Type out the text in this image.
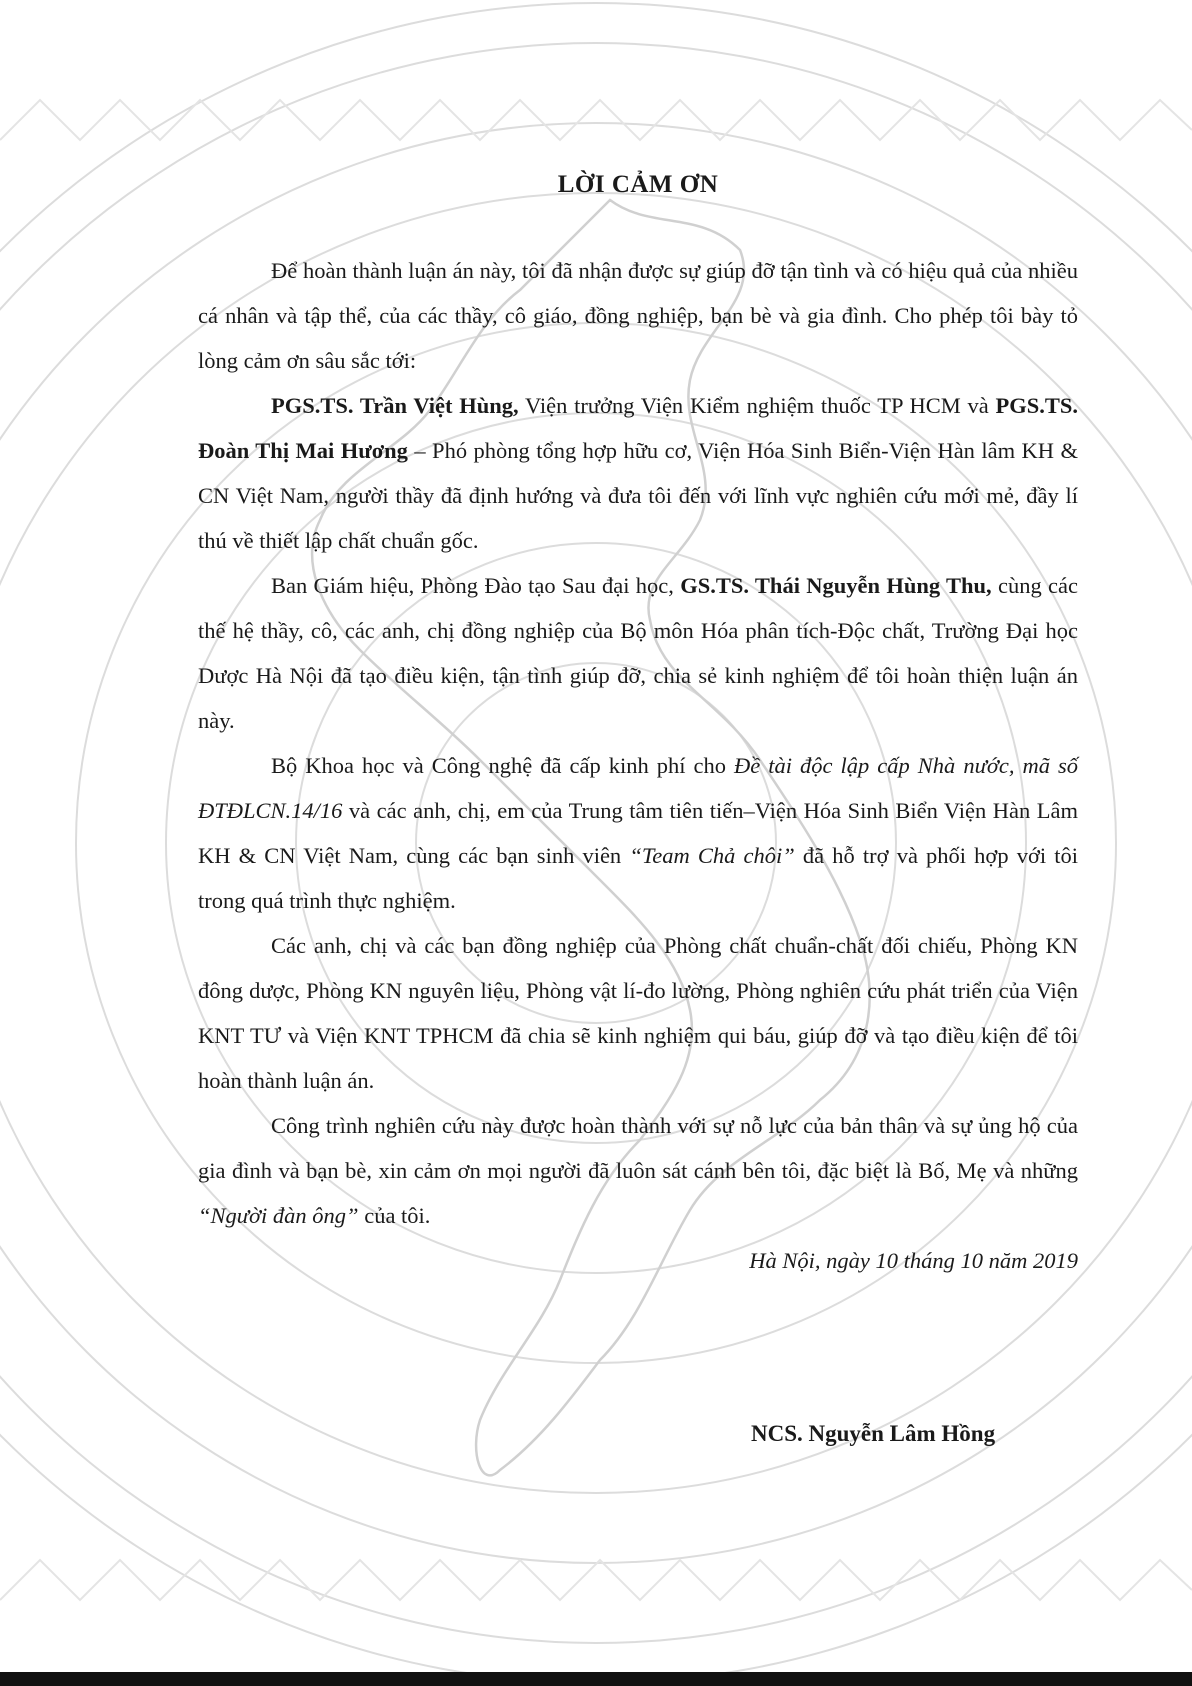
LỜI CẢM ƠN

Để hoàn thành luận án này, tôi đã nhận được sự giúp đỡ tận tình và có hiệu quả của nhiều cá nhân và tập thể, của các thầy, cô giáo, đồng nghiệp, bạn bè và gia đình. Cho phép tôi bày tỏ lòng cảm ơn sâu sắc tới:

PGS.TS. Trần Việt Hùng, Viện trưởng Viện Kiểm nghiệm thuốc TP HCM và PGS.TS. Đoàn Thị Mai Hương – Phó phòng tổng hợp hữu cơ, Viện Hóa Sinh Biển-Viện Hàn lâm KH & CN Việt Nam, người thầy đã định hướng và đưa tôi đến với lĩnh vực nghiên cứu mới mẻ, đầy lí thú về thiết lập chất chuẩn gốc.

Ban Giám hiệu, Phòng Đào tạo Sau đại học, GS.TS. Thái Nguyễn Hùng Thu, cùng các thế hệ thầy, cô, các anh, chị đồng nghiệp của Bộ môn Hóa phân tích-Độc chất, Trường Đại học Dược Hà Nội đã tạo điều kiện, tận tình giúp đỡ, chia sẻ kinh nghiệm để tôi hoàn thiện luận án này.

Bộ Khoa học và Công nghệ đã cấp kinh phí cho Đề tài độc lập cấp Nhà nước, mã số ĐTĐLCN.14/16 và các anh, chị, em của Trung tâm tiên tiến–Viện Hóa Sinh Biển Viện Hàn Lâm KH & CN Việt Nam, cùng các bạn sinh viên “Team Chả chôi” đã hỗ trợ và phối hợp với tôi trong quá trình thực nghiệm.

Các anh, chị và các bạn đồng nghiệp của Phòng chất chuẩn-chất đối chiếu, Phòng KN đông dược, Phòng KN nguyên liệu, Phòng vật lí-đo lường, Phòng nghiên cứu phát triển của Viện KNT TƯ và Viện KNT TPHCM đã chia sẽ kinh nghiệm qui báu, giúp đỡ và tạo điều kiện để tôi hoàn thành luận án.

Công trình nghiên cứu này được hoàn thành với sự nỗ lực của bản thân và sự ủng hộ của gia đình và bạn bè, xin cảm ơn mọi người đã luôn sát cánh bên tôi, đặc biệt là Bố, Mẹ và những “Người đàn ông” của tôi.

Hà Nội, ngày 10 tháng 10 năm 2019
NCS. Nguyễn Lâm Hồng
